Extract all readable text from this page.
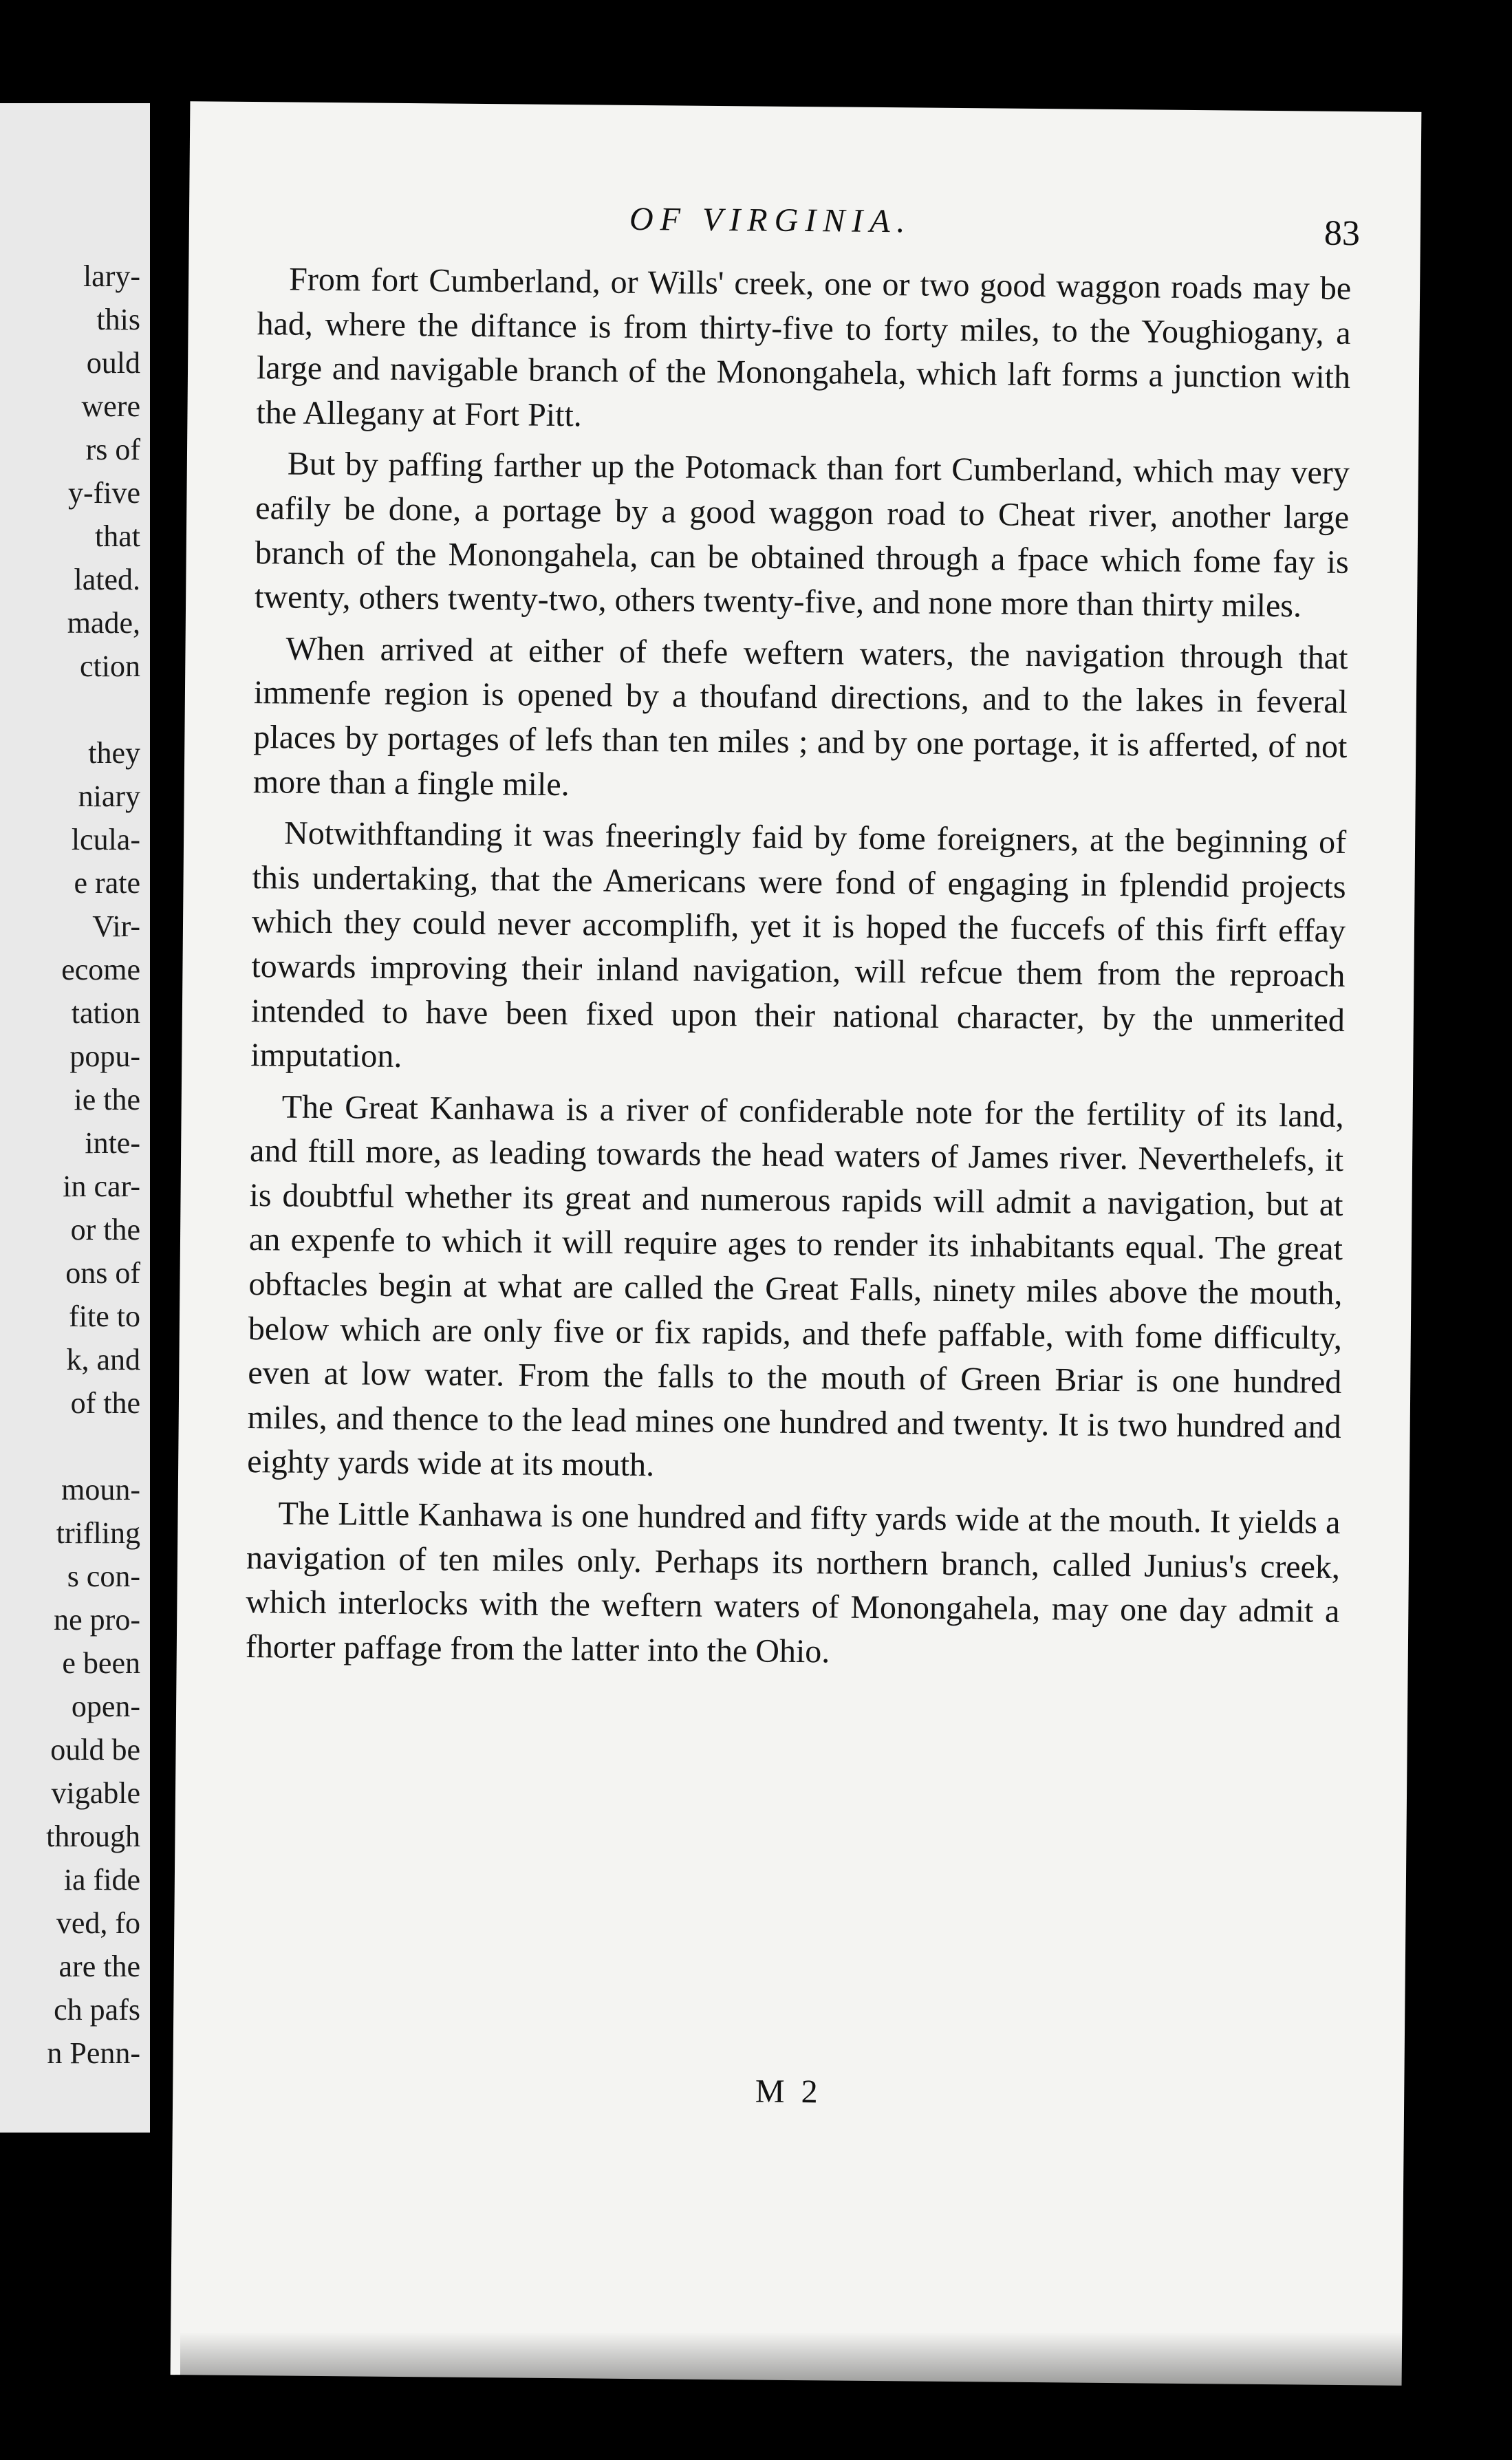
lary-
this
ould
were
rs of
y-five
that
lated.
made,
ction
they
niary
lcula-
e rate
Vir-
ecome
tation
popu-
ie the
inte-
in car-
or the
ons of
fite to
k, and
of the
moun-
trifling
s con-
ne pro-
e been
open-
ould be
vigable
through
ia fide
ved, fo
are the
ch pafs
n Penn-
OF VIRGINIA.	83

From fort Cumberland, or Wills' creek, one or two good waggon roads may be had, where the diftance is from thirty-five to forty miles, to the Youghiogany, a large and navigable branch of the Monongahela, which laft forms a junction with the Allegany at Fort Pitt.

But by paffing farther up the Potomack than fort Cumberland, which may very eafily be done, a portage by a good waggon road to Cheat river, another large branch of the Monongahela, can be obtained through a fpace which fome fay is twenty, others twenty-two, others twenty-five, and none more than thirty miles.

When arrived at either of thefe weftern waters, the navigation through that immenfe region is opened by a thoufand directions, and to the lakes in feveral places by portages of lefs than ten miles ; and by one portage, it is afferted, of not more than a fingle mile.

Notwithftanding it was fneeringly faid by fome foreigners, at the beginning of this undertaking, that the Americans were fond of engaging in fplendid projects which they could never accomplifh, yet it is hoped the fuccefs of this firft effay towards improving their inland navigation, will refcue them from the reproach intended to have been fixed upon their national character, by the unmerited imputation.

The Great Kanhawa is a river of confiderable note for the fertility of its land, and ftill more, as leading towards the head waters of James river. Neverthelefs, it is doubtful whether its great and numerous rapids will admit a navigation, but at an expenfe to which it will require ages to render its inhabitants equal. The great obftacles begin at what are called the Great Falls, ninety miles above the mouth, below which are only five or fix rapids, and thefe paffable, with fome difficulty, even at low water. From the falls to the mouth of Green Briar is one hundred miles, and thence to the lead mines one hundred and twenty. It is two hundred and eighty yards wide at its mouth.

The Little Kanhawa is one hundred and fifty yards wide at the mouth. It yields a navigation of ten miles only. Perhaps its northern branch, called Junius's creek, which interlocks with the weftern waters of Monongahela, may one day admit a fhorter paffage from the latter into the Ohio.

M 2
